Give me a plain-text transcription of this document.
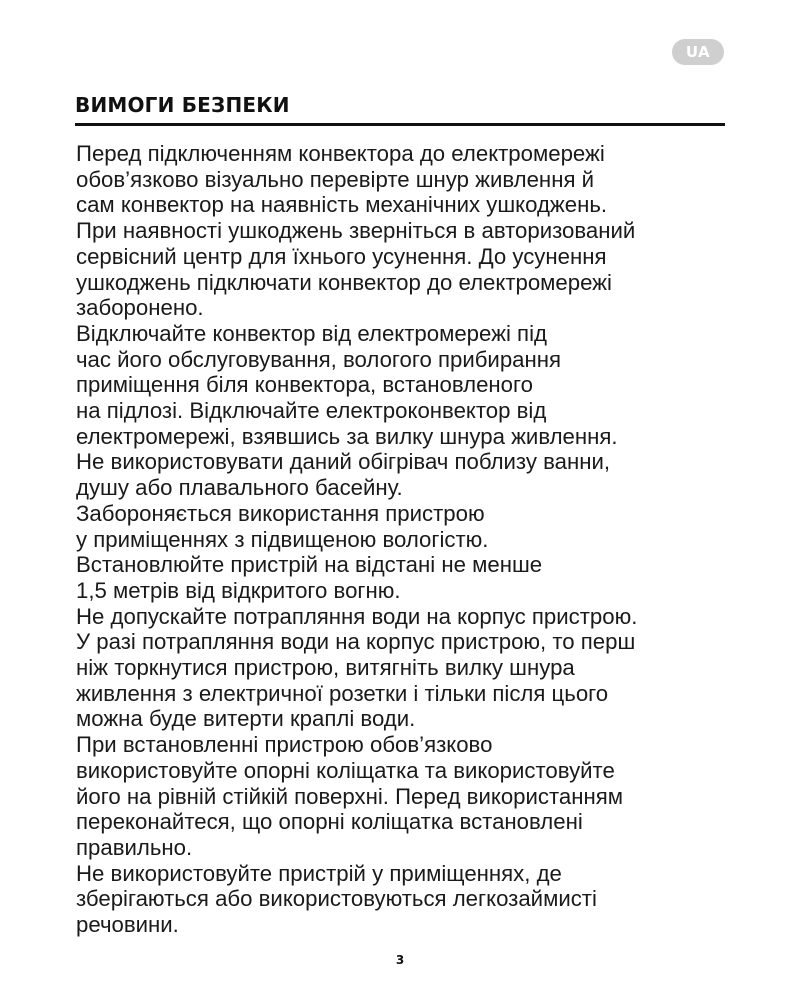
UA
ВИМОГИ БЕЗПЕКИ
Перед підключенням конвектора до електромережі
обов’язково візуально перевірте шнур живлення й
сам конвектор на наявність механічних ушкоджень.
При наявності ушкоджень зверніться в авторизований
сервісний центр для їхнього усунення. До усунення
ушкоджень підключати конвектор до електромережі
заборонено.
Відключайте конвектор від електромережі під
час його обслуговування, вологого прибирання
приміщення біля конвектора, встановленого
на підлозі. Відключайте електроконвектор від
електромережі, взявшись за вилку шнура живлення.
Не використовувати даний обігрівач поблизу ванни,
душу або плавального басейну.
Забороняється використання пристрою
у приміщеннях з підвищеною вологістю.
Встановлюйте пристрій на відстані не менше
1,5 метрів від відкритого вогню.
Не допускайте потрапляння води на корпус пристрою.
У разі потрапляння води на корпус пристрою, то перш
ніж торкнутися пристрою, витягніть вилку шнура
живлення з електричної розетки і тільки після цього
можна буде витерти краплі води.
При встановленні пристрою обов’язково
використовуйте опорні коліщатка та використовуйте
його на рівній стійкій поверхні. Перед використанням
переконайтеся, що опорні коліщатка встановлені
правильно.
Не використовуйте пристрій у приміщеннях, де
зберігаються або використовуються легкозаймисті
речовини.
3
